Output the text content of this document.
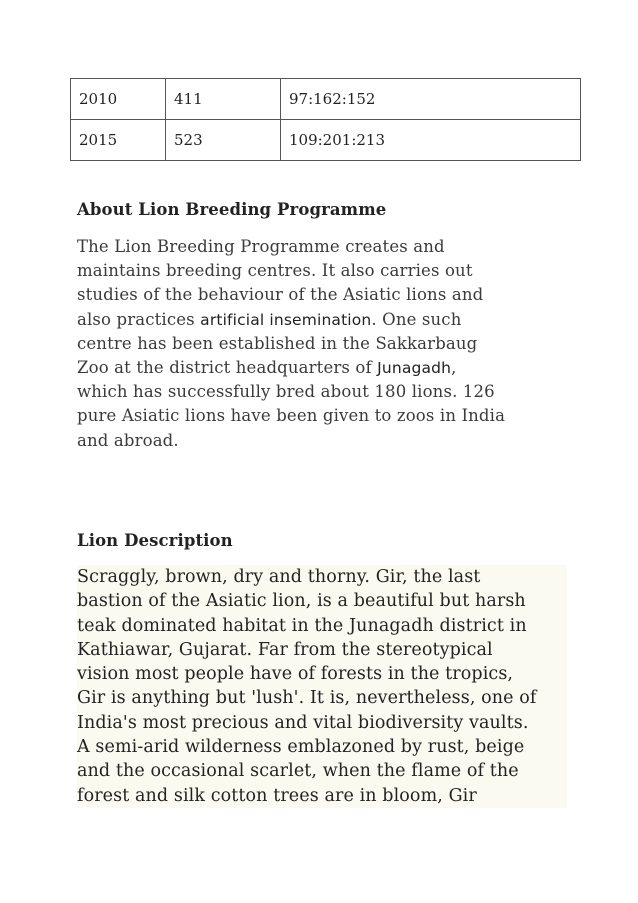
2010	411	97:162:152
2015	523	109:201:213
About Lion Breeding Programme
The Lion Breeding Programme creates and
maintains breeding centres. It also carries out
studies of the behaviour of the Asiatic lions and
also practices artificial insemination. One such
centre has been established in the Sakkarbaug
Zoo at the district headquarters of Junagadh,
which has successfully bred about 180 lions. 126
pure Asiatic lions have been given to zoos in India
and abroad.
Lion Description
Scraggly, brown, dry and thorny. Gir, the last
bastion of the Asiatic lion, is a beautiful but harsh
teak dominated habitat in the Junagadh district in
Kathiawar, Gujarat. Far from the stereotypical
vision most people have of forests in the tropics,
Gir is anything but 'lush'. It is, nevertheless, one of
India's most precious and vital biodiversity vaults.
A semi-arid wilderness emblazoned by rust, beige
and the occasional scarlet, when the flame of the
forest and silk cotton trees are in bloom, Gir
